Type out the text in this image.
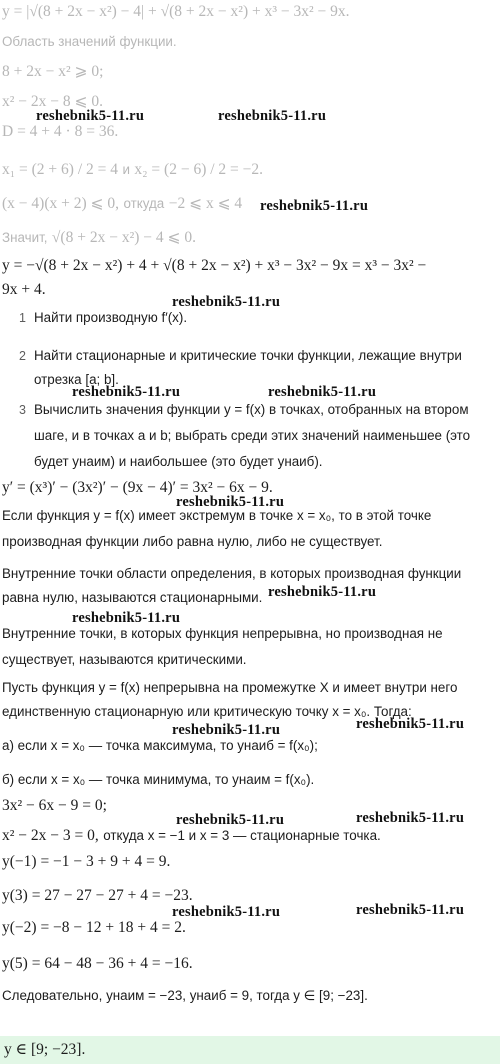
y = |√(8 + 2x − x²) − 4| + √(8 + 2x − x²) + x³ − 3x² − 9x.
Область значений функции.
8 + 2x − x² ⩾ 0;
x² − 2x − 8 ⩽ 0.
D = 4 + 4 · 8 = 36.
x₁ = (2 + 6) / 2 = 4 и x₂ = (2 − 6) / 2 = −2.
(x − 4)(x + 2) ⩽ 0, откуда −2 ⩽ x ⩽ 4
Значит, √(8 + 2x − x²) − 4 ⩽ 0.
y = −√(8 + 2x − x²) + 4 + √(8 + 2x − x²) + x³ − 3x² − 9x = x³ − 3x² −
9x + 4.
1 Найти производную f′(x).
2 Найти стационарные и критические точки функции, лежащие внутри
отрезка [a; b].
3 Вычислить значения функции y = f(x) в точках, отобранных на втором
шаге, и в точках a и b; выбрать среди этих значений наименьшее (это
будет yнаим) и наибольшее (это будет yнаиб).
y′ = (x³)′ − (3x²)′ − (9x − 4)′ = 3x² − 6x − 9.
Если функция y = f(x) имеет экстремум в точке x = x₀, то в этой точке
производная функции либо равна нулю, либо не существует.
Внутренние точки области определения, в которых производная функции
равна нулю, называются стационарными.
Внутренние точки, в которых функция непрерывна, но производная не
существует, называются критическими.
Пусть функция y = f(x) непрерывна на промежутке X и имеет внутри него
единственную стационарную или критическую точку x = x₀. Тогда:
а) если x = x₀ — точка максимума, то yнаиб = f(x₀);
б) если x = x₀ — точка минимума, то yнаим = f(x₀).
3x² − 6x − 9 = 0;
x² − 2x − 3 = 0, откуда x = −1 и x = 3 — стационарные точка.
y(−1) = −1 − 3 + 9 + 4 = 9.
y(3) = 27 − 27 − 27 + 4 = −23.
y(−2) = −8 − 12 + 18 + 4 = 2.
y(5) = 64 − 48 − 36 + 4 = −16.
Следовательно, yнаим = −23, yнаиб = 9, тогда y ∈ [9; −23].
y ∈ [9; −23].
reshebnik5-11.ru	reshebnik5-11.ru
reshebnik5-11.ru
reshebnik5-11.ru
reshebnik5-11.ru	reshebnik5-11.ru
reshebnik5-11.ru
reshebnik5-11.ru
reshebnik5-11.ru
reshebnik5-11.ru	reshebnik5-11.ru
reshebnik5-11.ru	reshebnik5-11.ru
reshebnik5-11.ru	reshebnik5-11.ru
